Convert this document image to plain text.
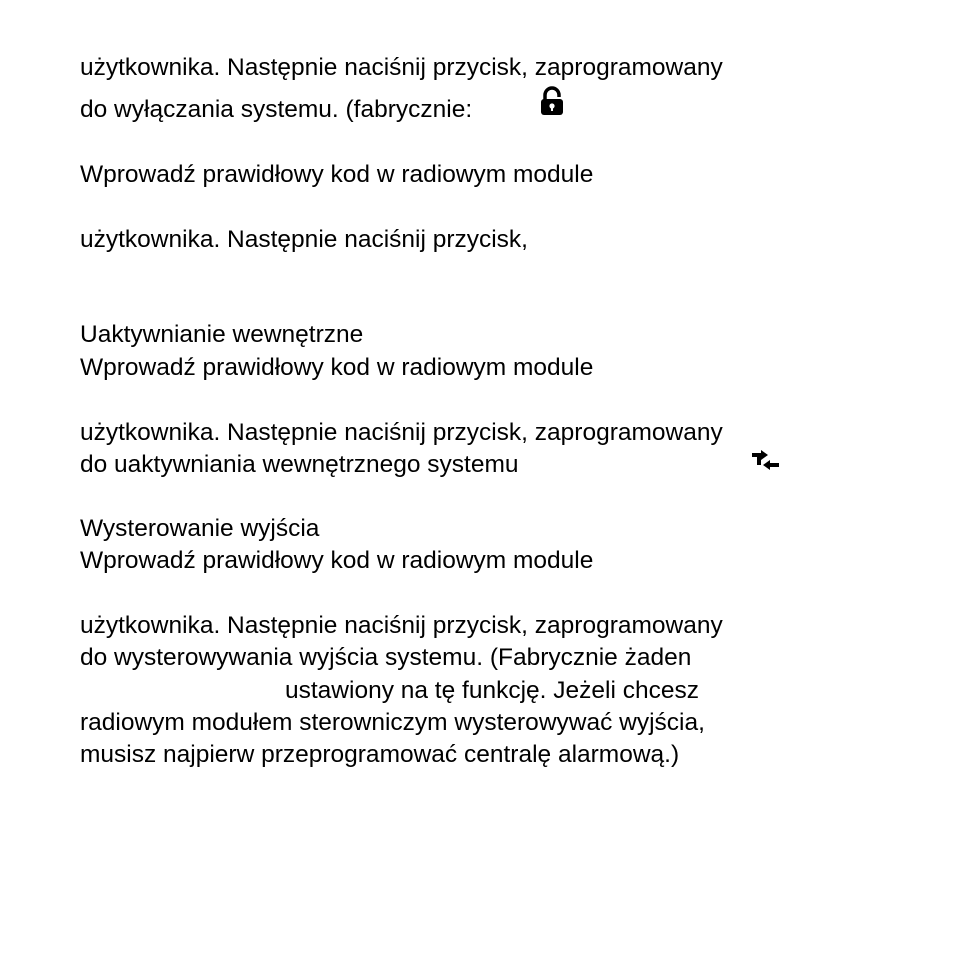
użytkownika. Następnie naciśnij przycisk, zaprogramowany
do wyłączania systemu. (fabrycznie:
Wprowadź prawidłowy kod w radiowym module
użytkownika. Następnie naciśnij przycisk,
Uaktywnianie wewnętrzne
Wprowadź prawidłowy kod w radiowym module
użytkownika. Następnie naciśnij przycisk, zaprogramowany
do uaktywniania wewnętrznego systemu
Wysterowanie wyjścia
Wprowadź prawidłowy kod w radiowym module
użytkownika. Następnie naciśnij przycisk, zaprogramowany
do wysterowywania wyjścia systemu. (Fabrycznie żaden
ustawiony na tę funkcję. Jeżeli chcesz
radiowym modułem sterowniczym wysterowywać wyjścia,
musisz najpierw przeprogramować centralę alarmową.)
